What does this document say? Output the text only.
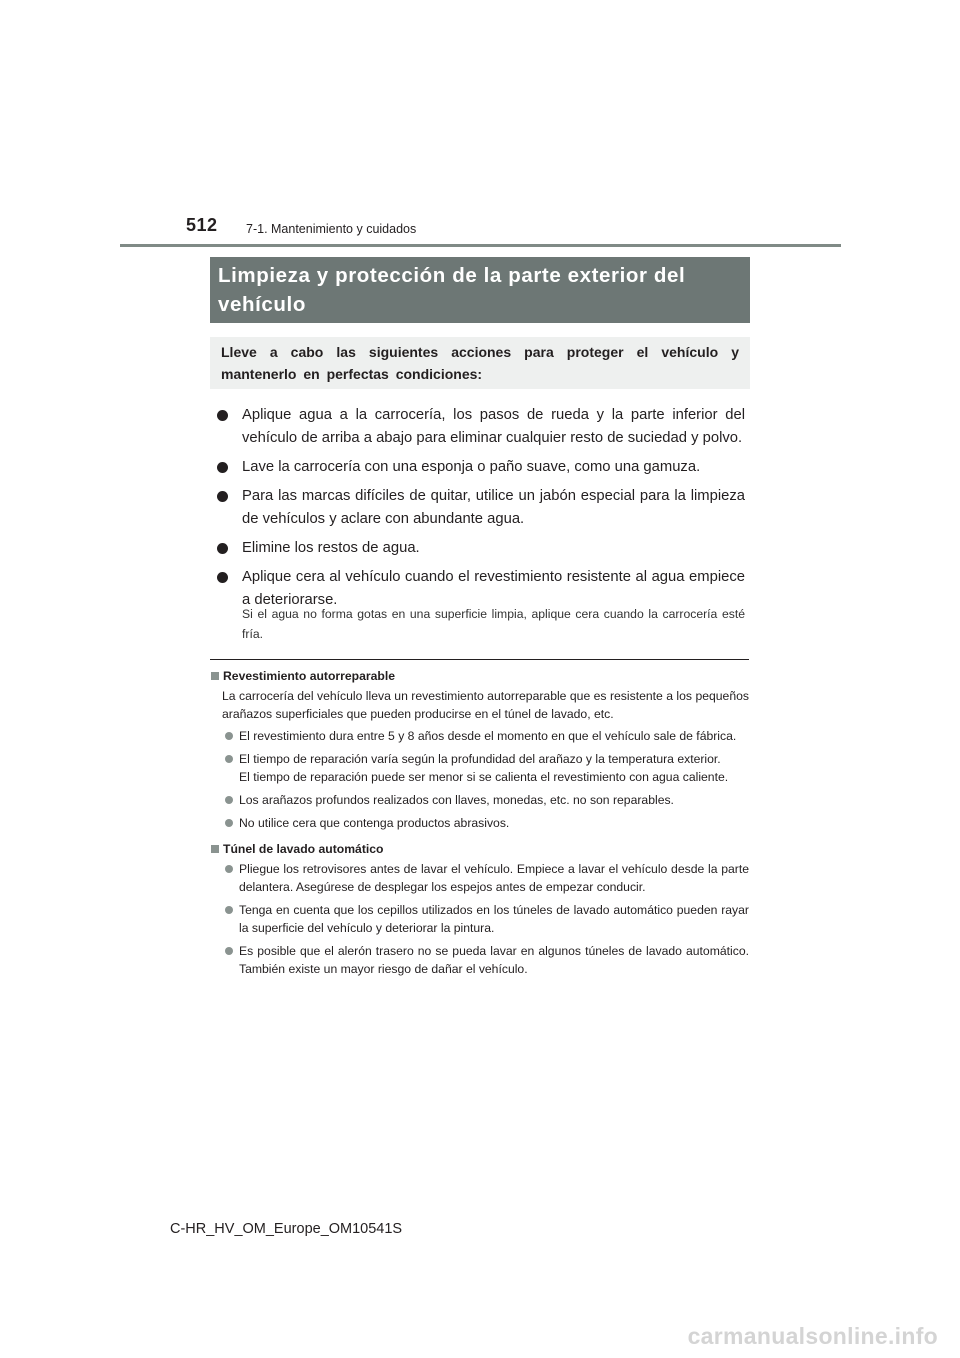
512 7-1. Mantenimiento y cuidados
Limpieza y protección de la parte exterior del vehículo
Lleve a cabo las siguientes acciones para proteger el vehículo y mantenerlo en perfectas condiciones:
Aplique agua a la carrocería, los pasos de rueda y la parte inferior del vehículo de arriba a abajo para eliminar cualquier resto de suciedad y polvo.
Lave la carrocería con una esponja o paño suave, como una gamuza.
Para las marcas difíciles de quitar, utilice un jabón especial para la limpieza de vehículos y aclare con abundante agua.
Elimine los restos de agua.
Aplique cera al vehículo cuando el revestimiento resistente al agua empiece a deteriorarse.
Si el agua no forma gotas en una superficie limpia, aplique cera cuando la carrocería esté fría.
Revestimiento autorreparable
La carrocería del vehículo lleva un revestimiento autorreparable que es resistente a los pequeños arañazos superficiales que pueden producirse en el túnel de lavado, etc.
El revestimiento dura entre 5 y 8 años desde el momento en que el vehículo sale de fábrica.
El tiempo de reparación varía según la profundidad del arañazo y la temperatura exterior.
El tiempo de reparación puede ser menor si se calienta el revestimiento con agua caliente.
Los arañazos profundos realizados con llaves, monedas, etc. no son reparables.
No utilice cera que contenga productos abrasivos.
Túnel de lavado automático
Pliegue los retrovisores antes de lavar el vehículo. Empiece a lavar el vehículo desde la parte delantera. Asegúrese de desplegar los espejos antes de empezar conducir.
Tenga en cuenta que los cepillos utilizados en los túneles de lavado automático pueden rayar la superficie del vehículo y deteriorar la pintura.
Es posible que el alerón trasero no se pueda lavar en algunos túneles de lavado automático. También existe un mayor riesgo de dañar el vehículo.
C-HR_HV_OM_Europe_OM10541S
carmanualsonline.info
